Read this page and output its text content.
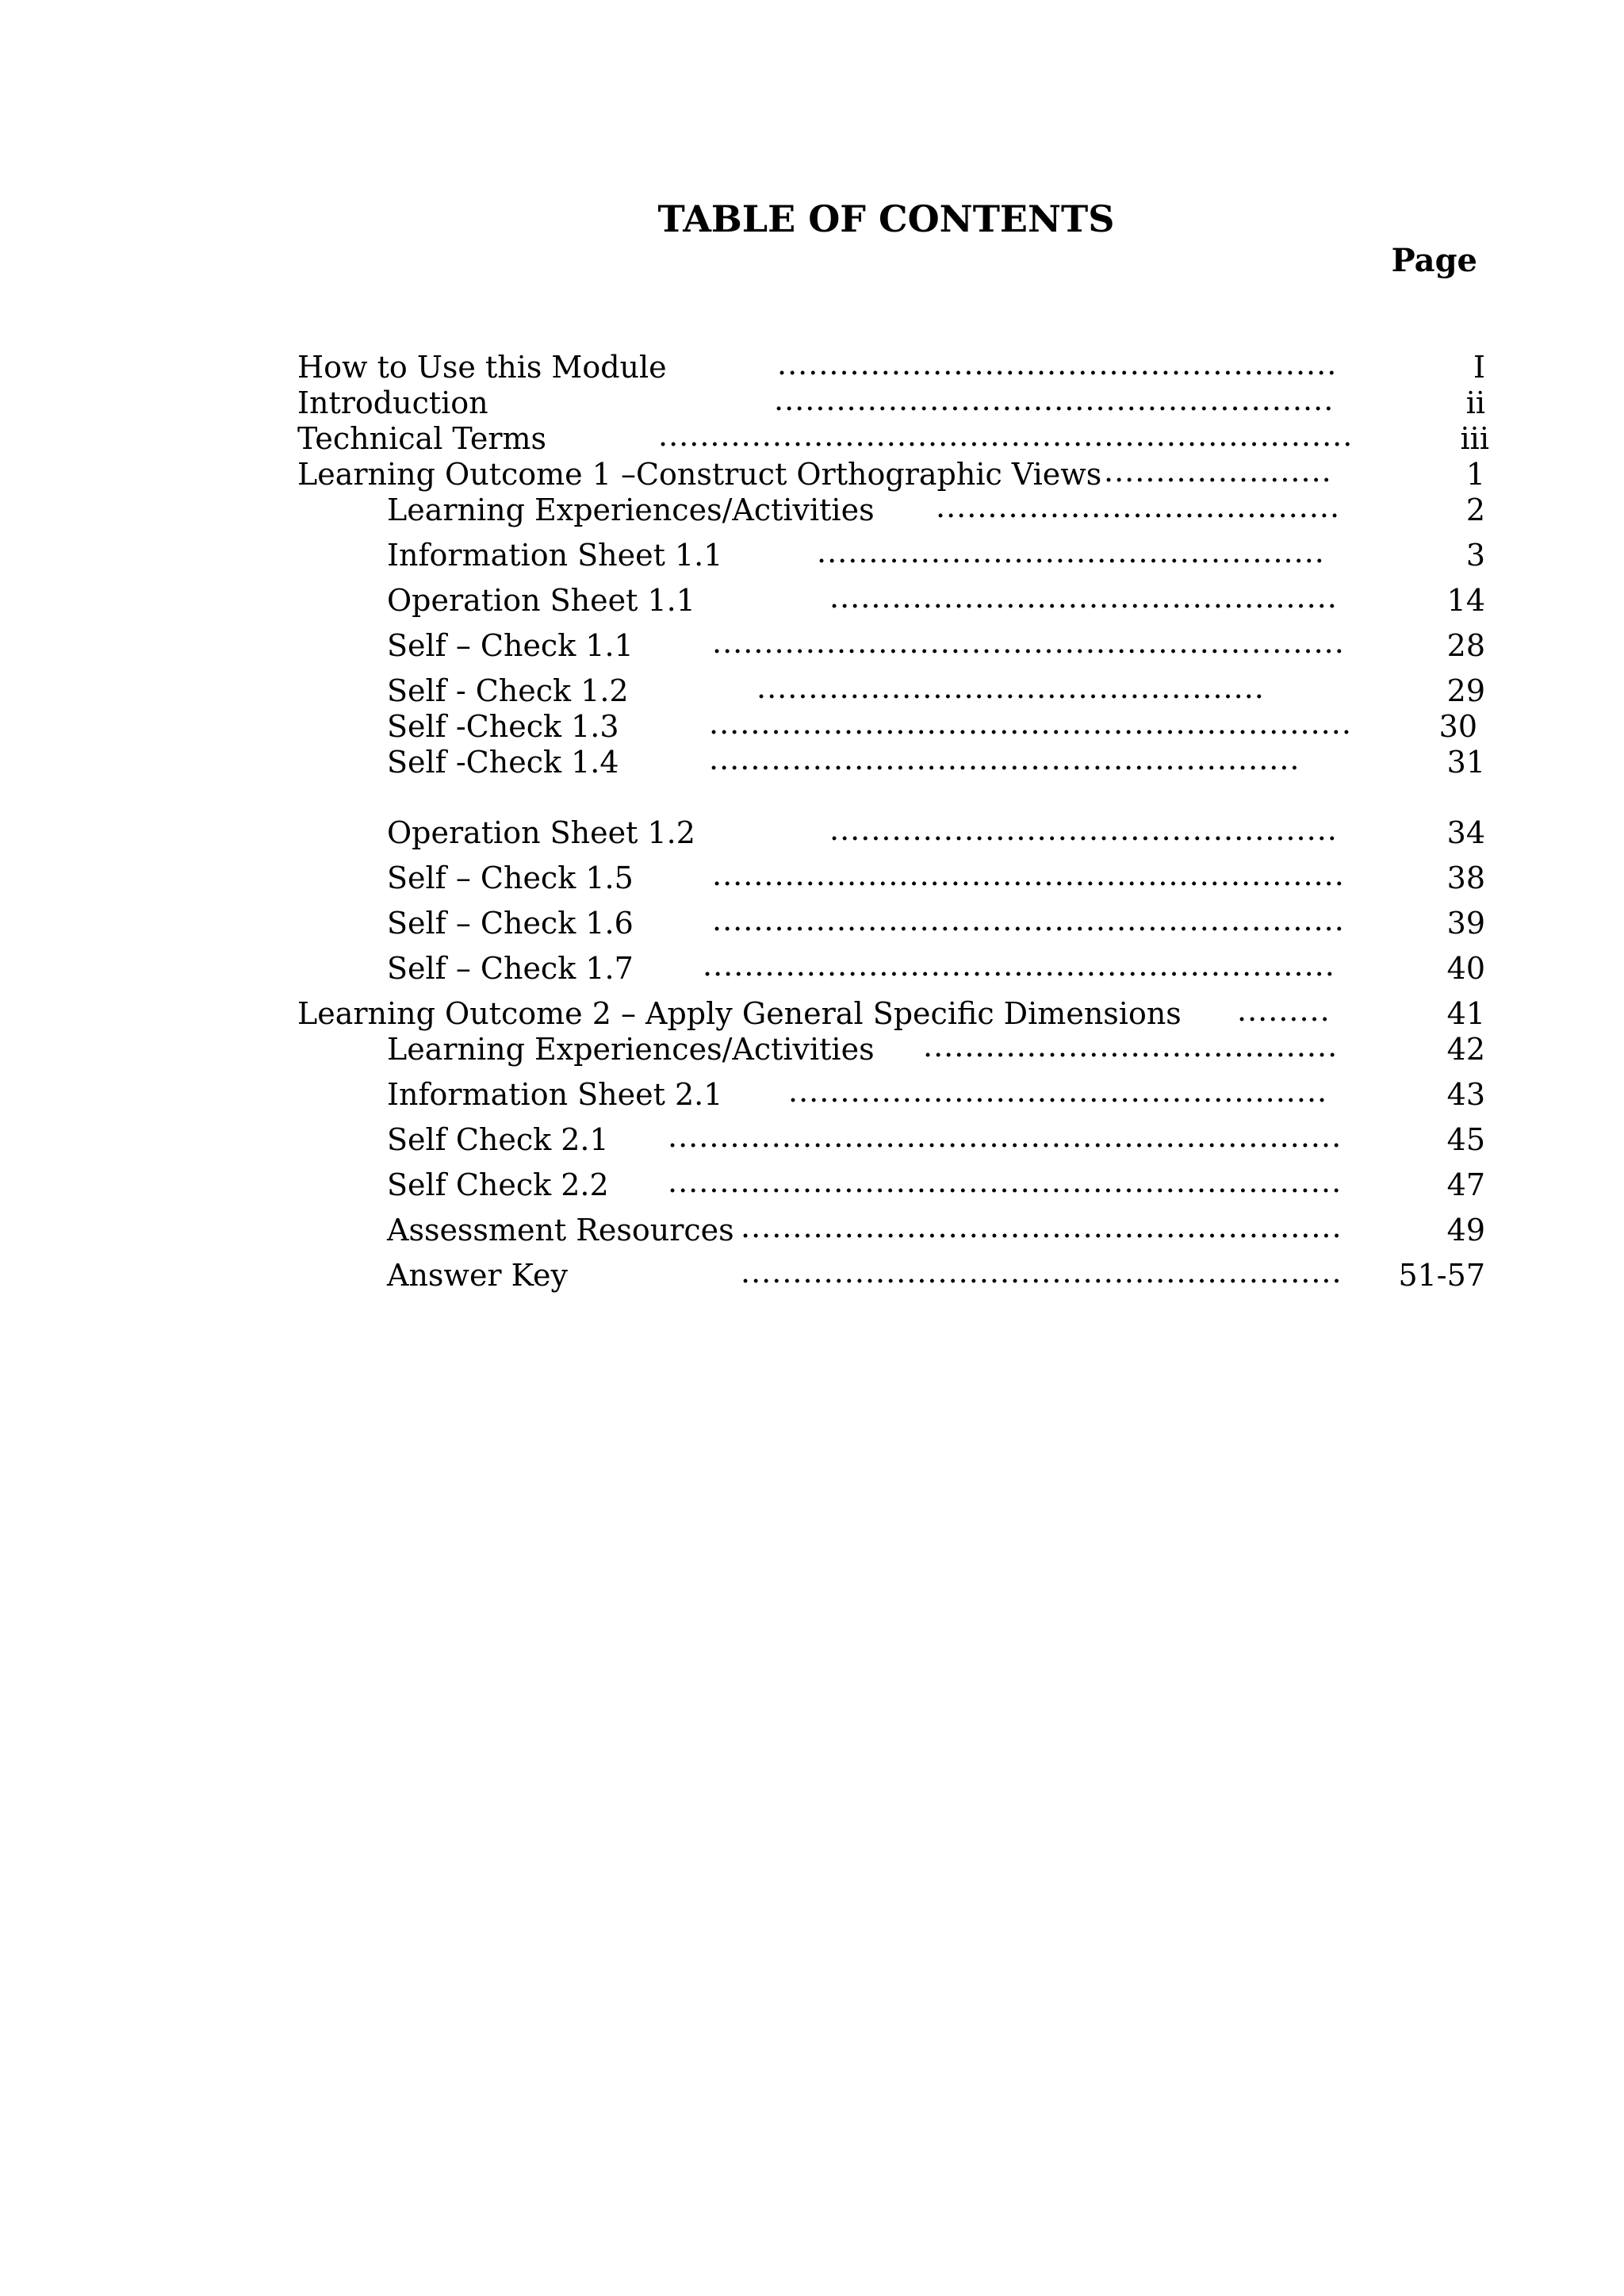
TABLE OF CONTENTS
Page
How to Use this Module	......................................................	I
Introduction	......................................................	ii
Technical Terms	...................................................................	iii
Learning Outcome 1 –Construct Orthographic Views ......................	1
Learning Experiences/Activities .......................................	2
Information Sheet 1.1	.................................................	3
Operation Sheet 1.1	.................................................	14
Self – Check 1.1	.............................................................	28
Self - Check 1.2	.................................................	29
Self -Check 1.3	..............................................................	30
Self -Check 1.4	.........................................................	31
Operation Sheet 1.2	.................................................	34
Self – Check 1.5	.............................................................	38
Self – Check 1.6	.............................................................	39
Self – Check 1.7 .............................................................	40
Learning Outcome 2 – Apply General Specific Dimensions .........	41
Learning Experiences/Activities ........................................	42
Information Sheet 2.1 ....................................................	43
Self Check 2.1 .................................................................	45
Self Check 2.2 .................................................................	47
Assessment Resources ..........................................................	49
Answer Key	.......................................................... 51-57
